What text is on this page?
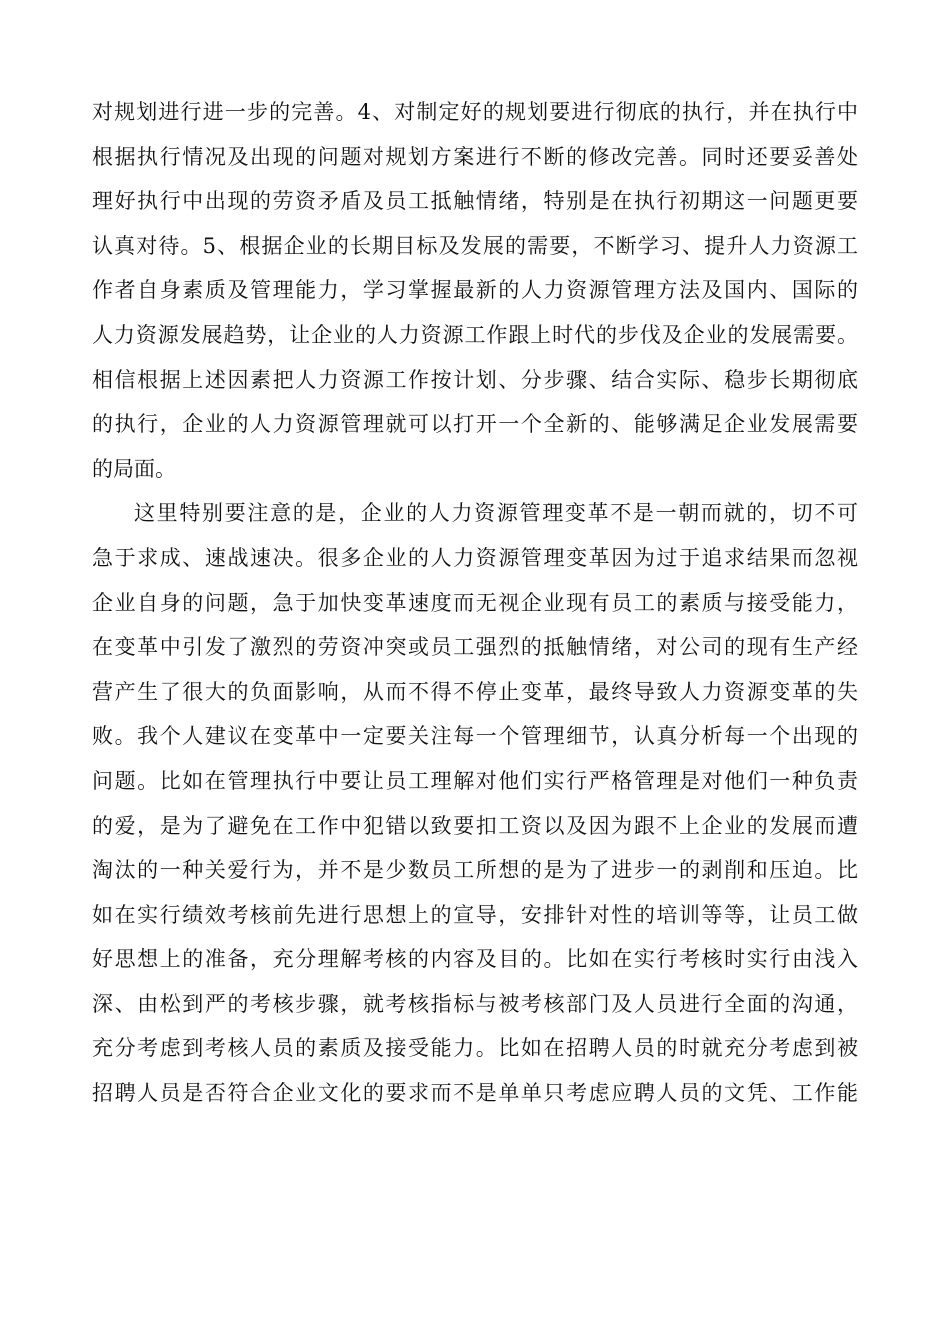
对规划进行进一步的完善。4、对制定好的规划要进行彻底的执行，并在执行中
根据执行情况及出现的问题对规划方案进行不断的修改完善。同时还要妥善处
理好执行中出现的劳资矛盾及员工抵触情绪，特别是在执行初期这一问题更要
认真对待。5、根据企业的长期目标及发展的需要，不断学习、提升人力资源工
作者自身素质及管理能力，学习掌握最新的人力资源管理方法及国内、国际的
人力资源发展趋势，让企业的人力资源工作跟上时代的步伐及企业的发展需要。
相信根据上述因素把人力资源工作按计划、分步骤、结合实际、稳步长期彻底
的执行，企业的人力资源管理就可以打开一个全新的、能够满足企业发展需要
的局面。

这里特别要注意的是，企业的人力资源管理变革不是一朝而就的，切不可
急于求成、速战速决。很多企业的人力资源管理变革因为过于追求结果而忽视
企业自身的问题，急于加快变革速度而无视企业现有员工的素质与接受能力，
在变革中引发了激烈的劳资冲突或员工强烈的抵触情绪，对公司的现有生产经
营产生了很大的负面影响，从而不得不停止变革，最终导致人力资源变革的失
败。我个人建议在变革中一定要关注每一个管理细节，认真分析每一个出现的
问题。比如在管理执行中要让员工理解对他们实行严格管理是对他们一种负责
的爱，是为了避免在工作中犯错以致要扣工资以及因为跟不上企业的发展而遭
淘汰的一种关爱行为，并不是少数员工所想的是为了进步一的剥削和压迫。比
如在实行绩效考核前先进行思想上的宣导，安排针对性的培训等等，让员工做
好思想上的准备，充分理解考核的内容及目的。比如在实行考核时实行由浅入
深、由松到严的考核步骤，就考核指标与被考核部门及人员进行全面的沟通，
充分考虑到考核人员的素质及接受能力。比如在招聘人员的时就充分考虑到被
招聘人员是否符合企业文化的要求而不是单单只考虑应聘人员的文凭、工作能
